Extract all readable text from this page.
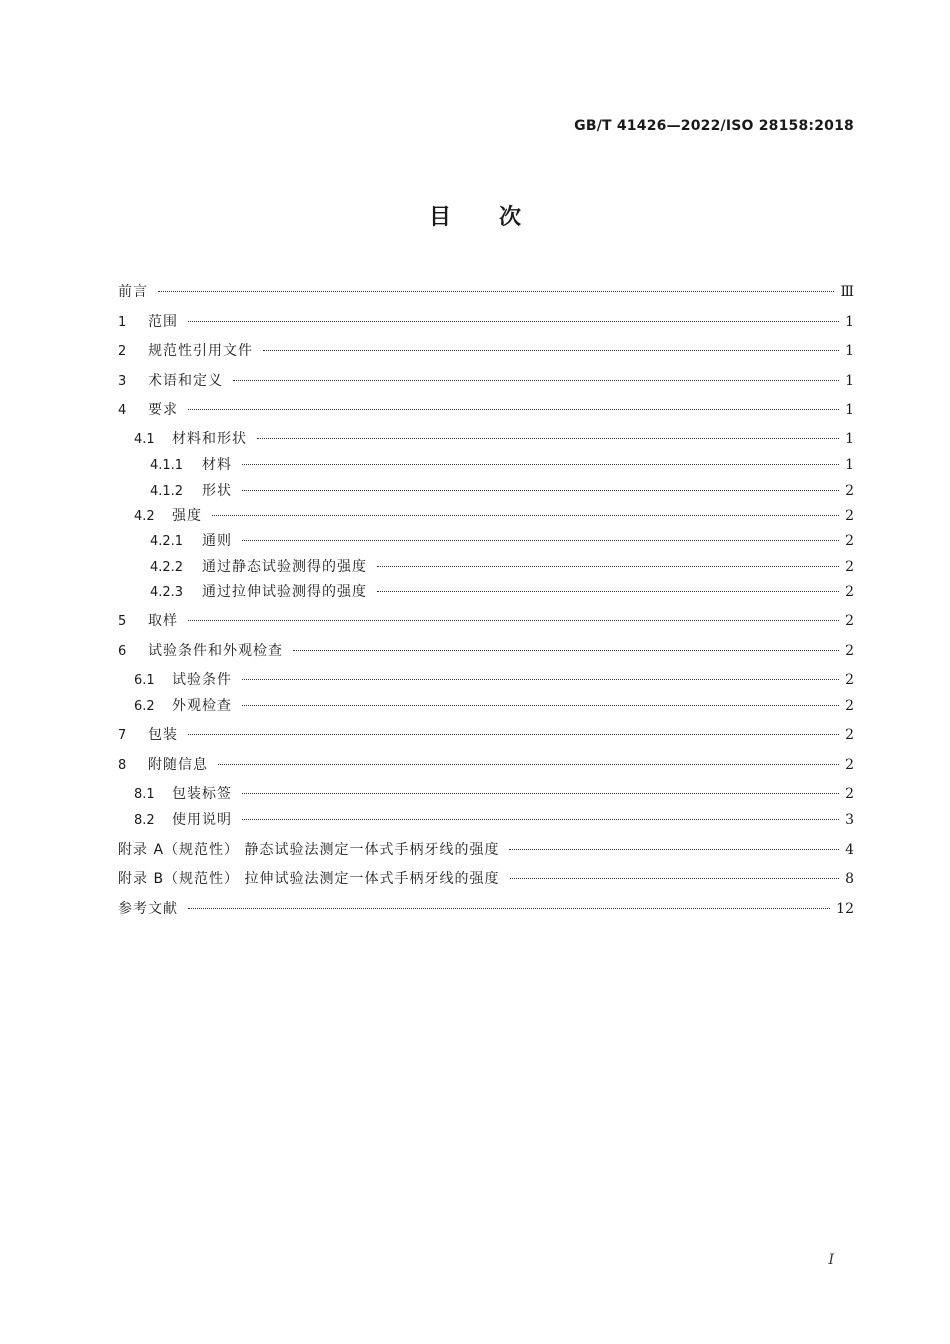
GB/T 41426—2022/ISO 28158:2018
目次
前言	Ⅲ
1	范围	1
2	规范性引用文件	1
3	术语和定义	1
4	要求	1
4.1 材料和形状	1
4.1.1 材料	1
4.1.2 形状	2
4.2 强度	2
4.2.1 通则	2
4.2.2 通过静态试验测得的强度	2
4.2.3 通过拉伸试验测得的强度	2
5	取样	2
6	试验条件和外观检查	2
6.1 试验条件	2
6.2 外观检查	2
7	包装	2
8	附随信息	2
8.1 包装标签	2
8.2 使用说明	3
附录 A（规范性） 静态试验法测定一体式手柄牙线的强度	4
附录 B（规范性） 拉伸试验法测定一体式手柄牙线的强度	8
参考文献	12
I
